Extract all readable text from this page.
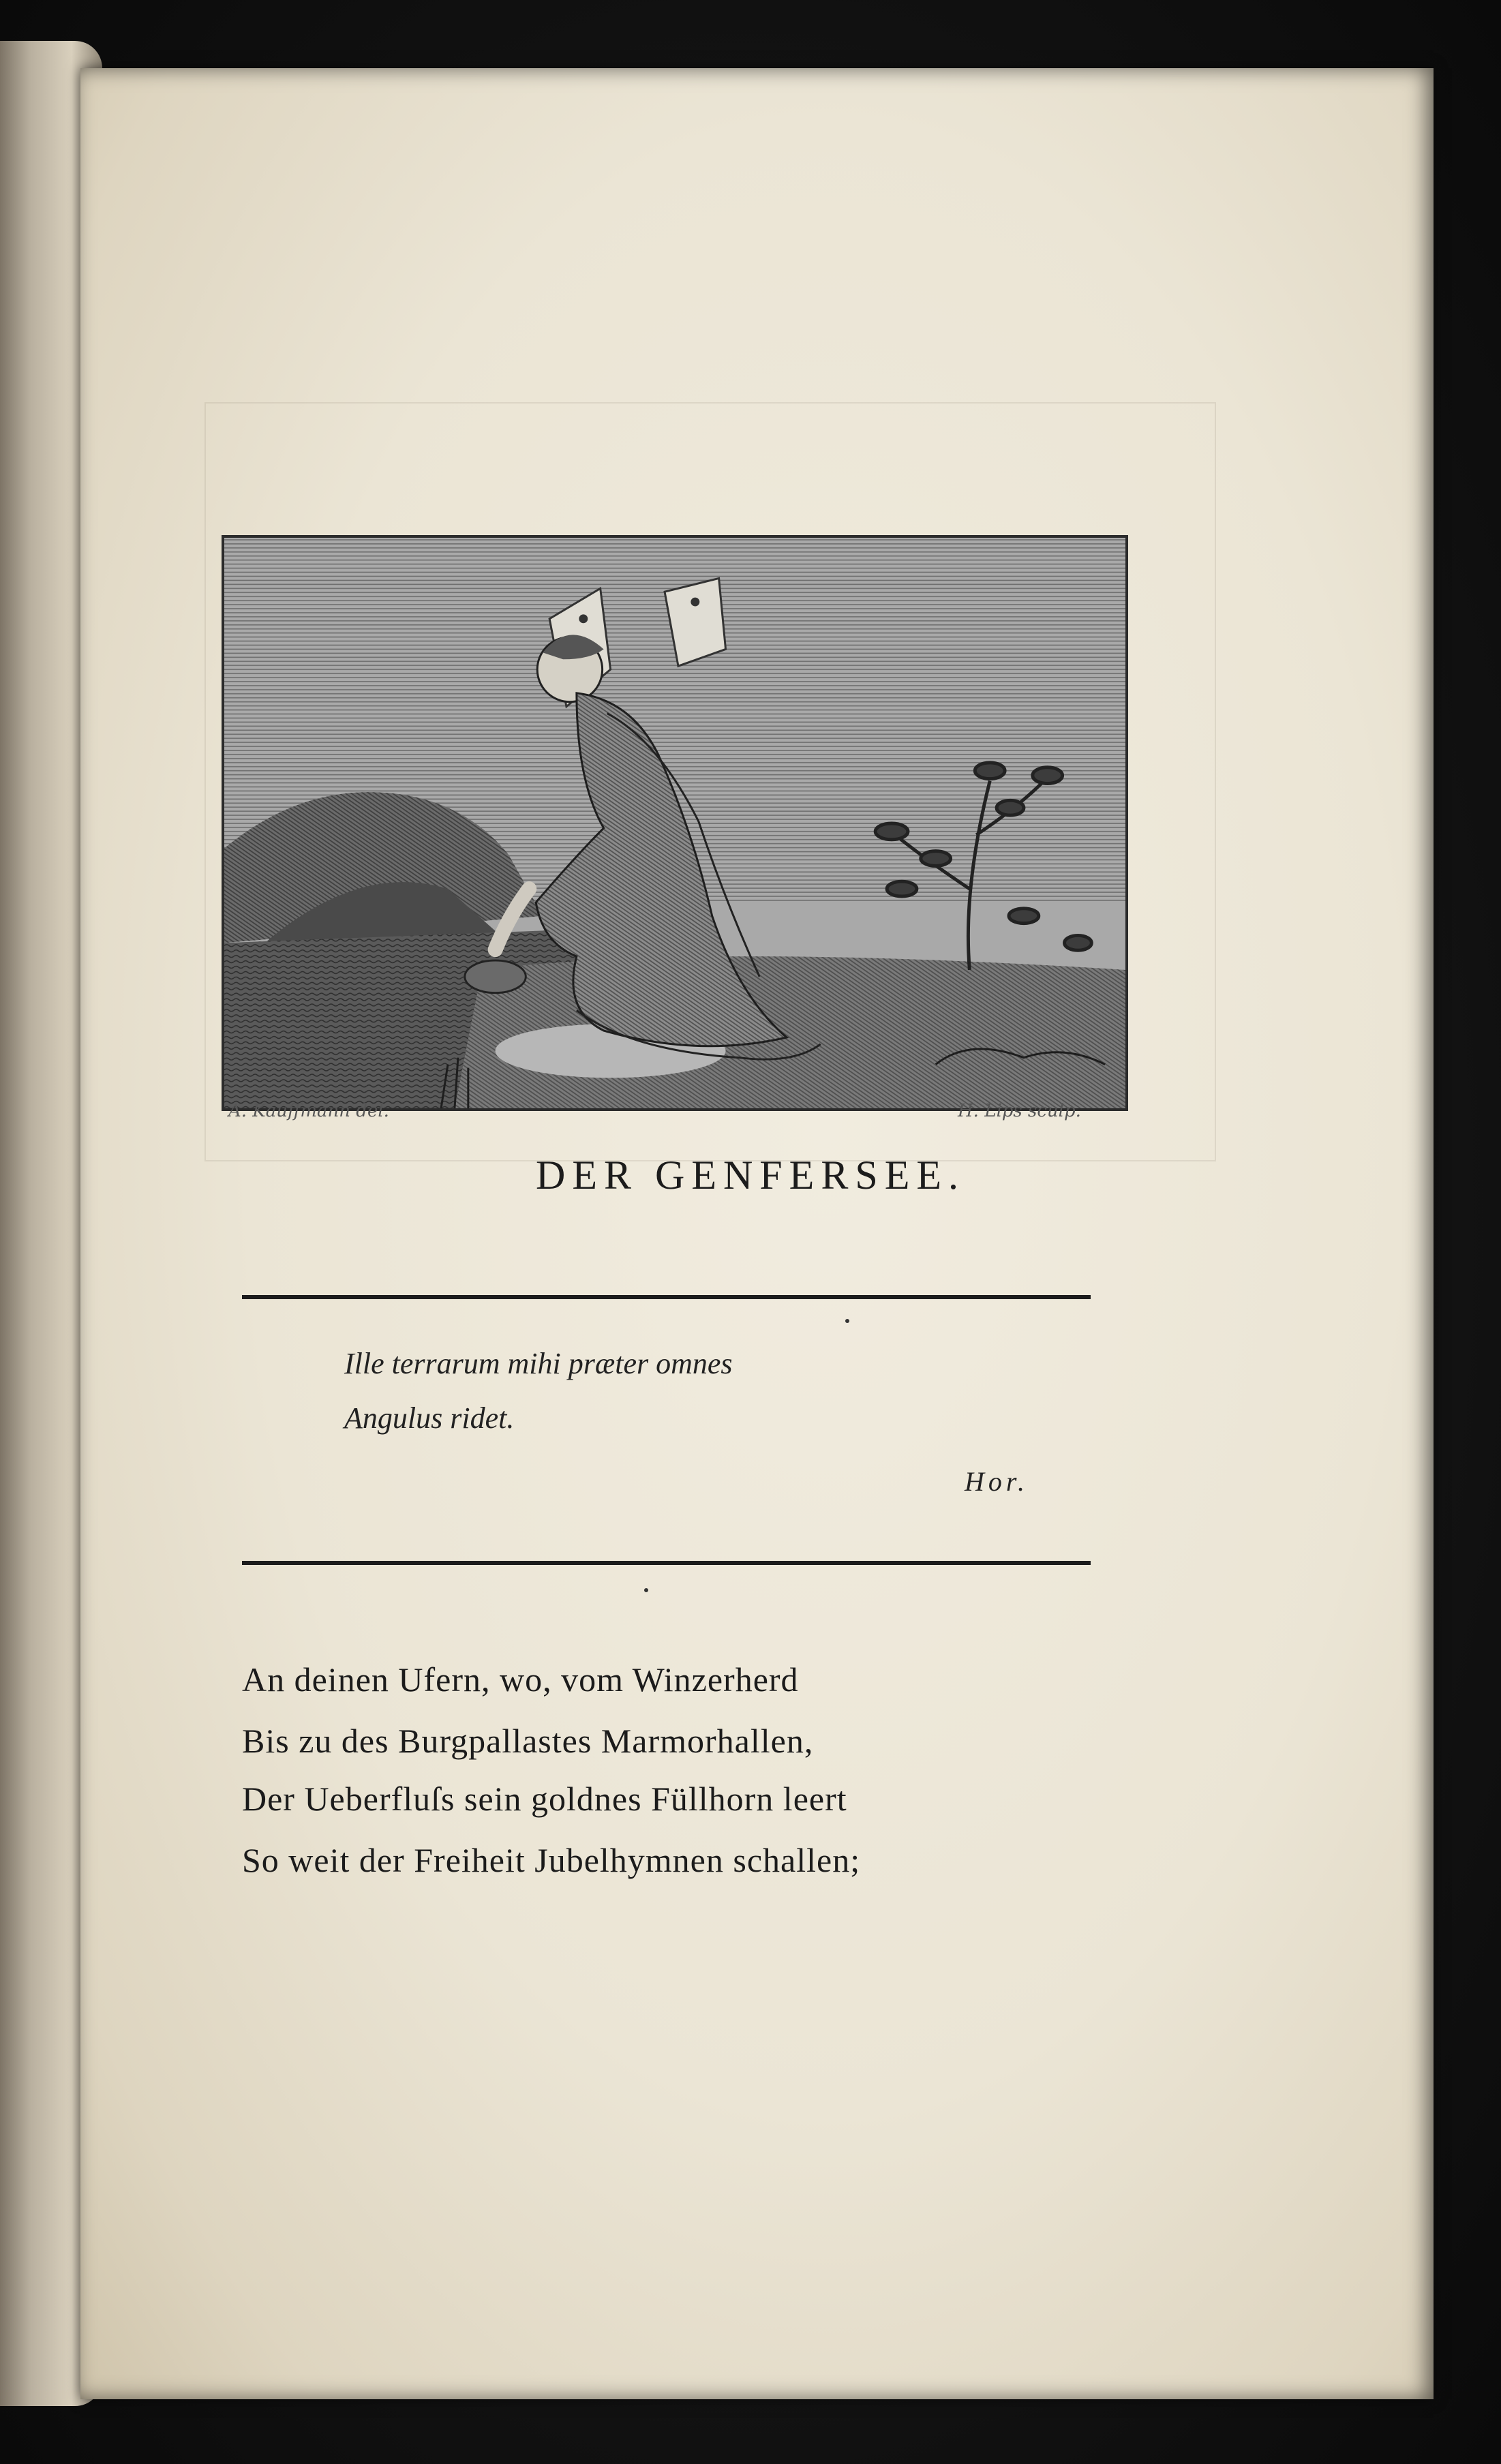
A. Kauffmann del.	H. Lips sculp.
DER GENFERSEE.
Ille terrarum mihi præter omnes
Angulus ridet.
Hor.
An deinen Ufern, wo, vom Winzerherd
Bis zu des Burgpallastes Marmorhallen,
Der Ueberfluſs sein goldnes Füllhorn leert
So weit der Freiheit Jubelhymnen schallen;
